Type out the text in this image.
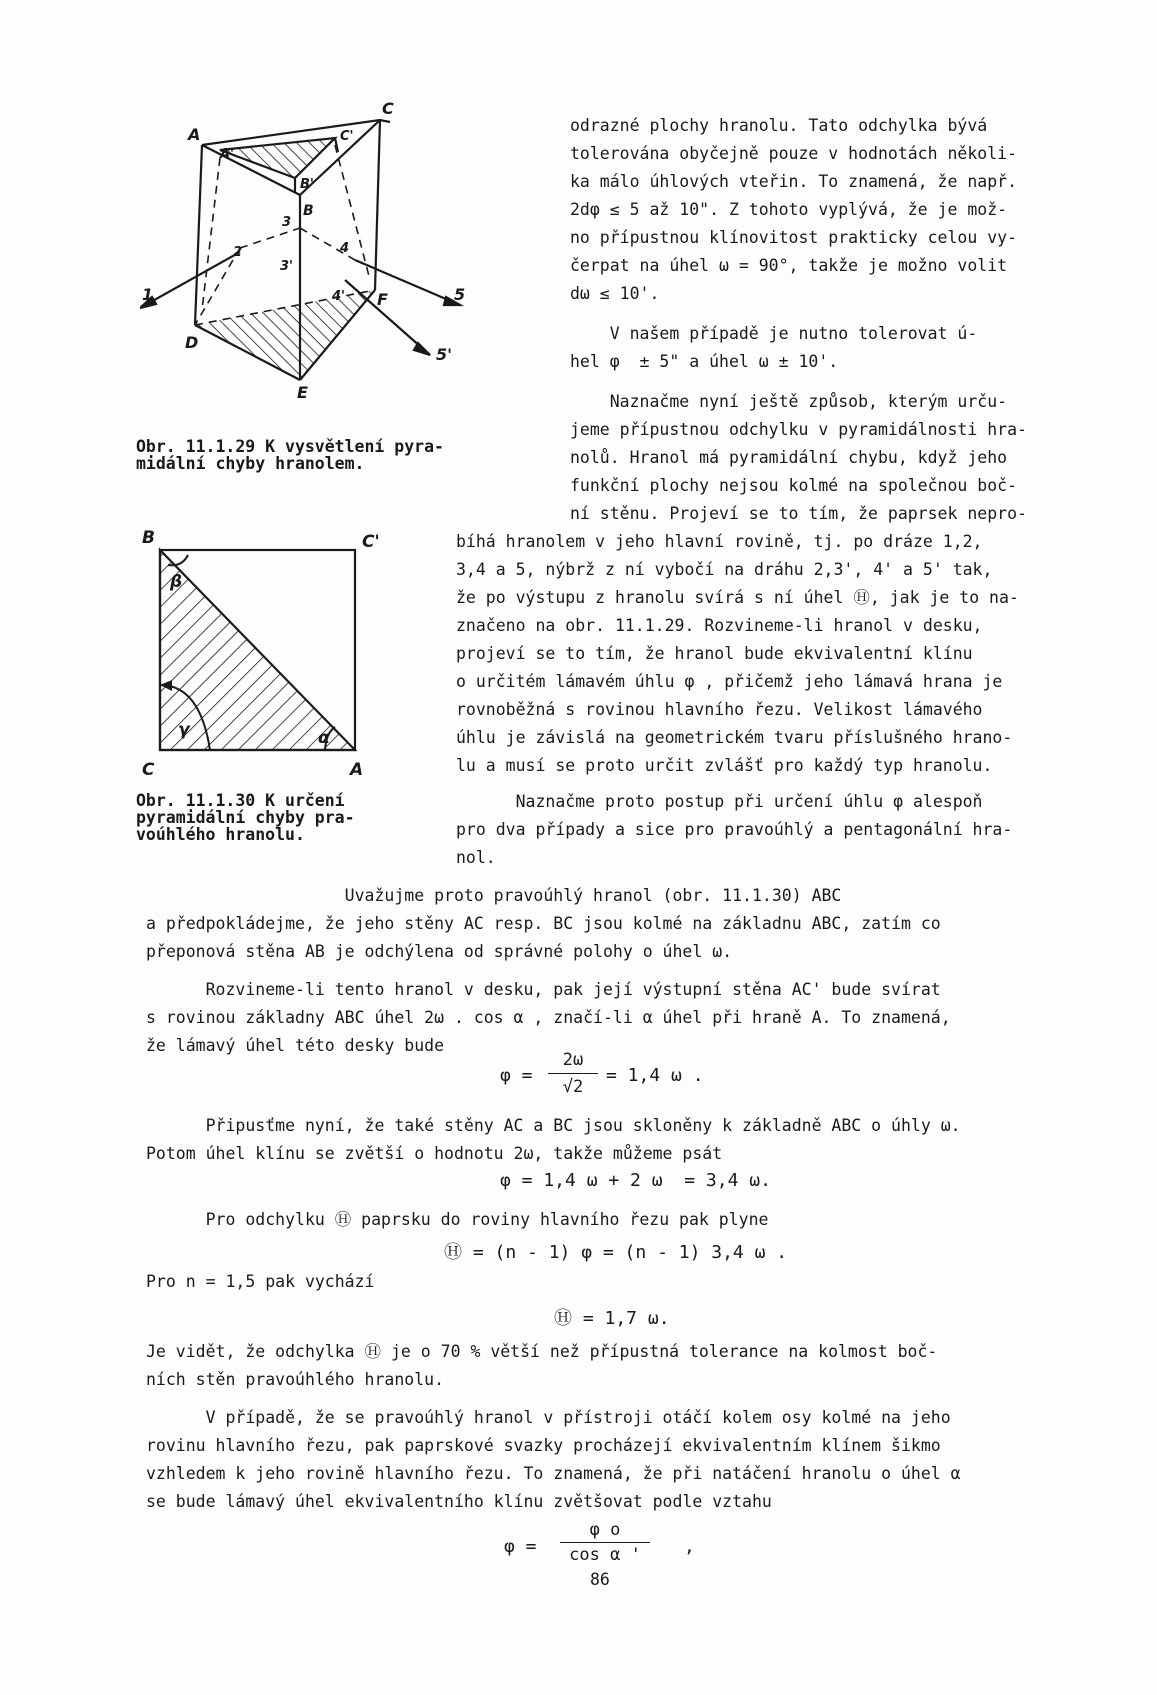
A
A'
C
C'
B'
B
D
E
F
1
2
3
3'
4
4'	5
5'
Obr. 11.1.29 K vysvětlení pyra-
midální chyby hranolem.
B	C'
C	A
β
α
γ
Obr. 11.1.30 K určení
pyramidální chyby pra-
voúhlého hranolu.
odrazné plochy hranolu. Tato odchylka bývá
tolerována obyčejně pouze v hodnotách několi-
ka málo úhlových vteřin. To znamená, že např.
2dφ ≤ 5 až 10". Z tohoto vyplývá, že je mož-
no přípustnou klínovitost prakticky celou vy-
čerpat na úhel ω = 90°, takže je možno volit
dω ≤ 10'.
V našem případě je nutno tolerovat ú-
hel φ  ± 5" a úhel ω ± 10'.
Naznačme nyní ještě způsob, kterým urču-
jeme přípustnou odchylku v pyramidálnosti hra-
nolů. Hranol má pyramidální chybu, když jeho
funkční plochy nejsou kolmé na společnou boč-
ní stěnu. Projeví se to tím, že paprsek nepro-
bíhá hranolem v jeho hlavní rovině, tj. po dráze 1,2,
3,4 a 5, nýbrž z ní vybočí na dráhu 2,3', 4' a 5' tak,
že po výstupu z hranolu svírá s ní úhel Ⓗ, jak je to na-
značeno na obr. 11.1.29. Rozvineme-li hranol v desku,
projeví se to tím, že hranol bude ekvivalentní klínu
o určitém lámavém úhlu φ , přičemž jeho lámavá hrana je
rovnoběžná s rovinou hlavního řezu. Velikost lámavého
úhlu je závislá na geometrickém tvaru příslušného hrano-
lu a musí se proto určit zvlášť pro každý typ hranolu.
Naznačme proto postup při určení úhlu φ alespoň
pro dva případy a sice pro pravoúhlý a pentagonální hra-
nol.
Uvažujme proto pravoúhlý hranol (obr. 11.1.30) ABC
a předpokládejme, že jeho stěny AC resp. BC jsou kolmé na základnu ABC, zatím co
přeponová stěna AB je odchýlena od správné polohy o úhel ω.
Rozvineme-li tento hranol v desku, pak její výstupní stěna AC' bude svírat
s rovinou základny ABC úhel 2ω . cos α , značí-li α úhel při hraně A. To znamená,
že lámavý úhel této desky bude
φ =
2ω
√2
= 1,4 ω .
Připusťme nyní, že také stěny AC a BC jsou skloněny k základně ABC o úhly ω.
Potom úhel klínu se zvětší o hodnotu 2ω, takže můžeme psát
φ = 1,4 ω + 2 ω  = 3,4 ω.
Pro odchylku Ⓗ paprsku do roviny hlavního řezu pak plyne
Ⓗ = (n - 1) φ = (n - 1) 3,4 ω .
Pro n = 1,5 pak vychází
Ⓗ = 1,7 ω.
Je vidět, že odchylka Ⓗ je o 70 % větší než přípustná tolerance na kolmost boč-
ních stěn pravoúhlého hranolu.
V případě, že se pravoúhlý hranol v přístroji otáčí kolem osy kolmé na jeho
rovinu hlavního řezu, pak paprskové svazky procházejí ekvivalentním klínem šikmo
vzhledem k jeho rovině hlavního řezu. To znamená, že při natáčení hranolu o úhel α
se bude lámavý úhel ekvivalentního klínu zvětšovat podle vztahu
φ =
φ o
cos α '	,
86
